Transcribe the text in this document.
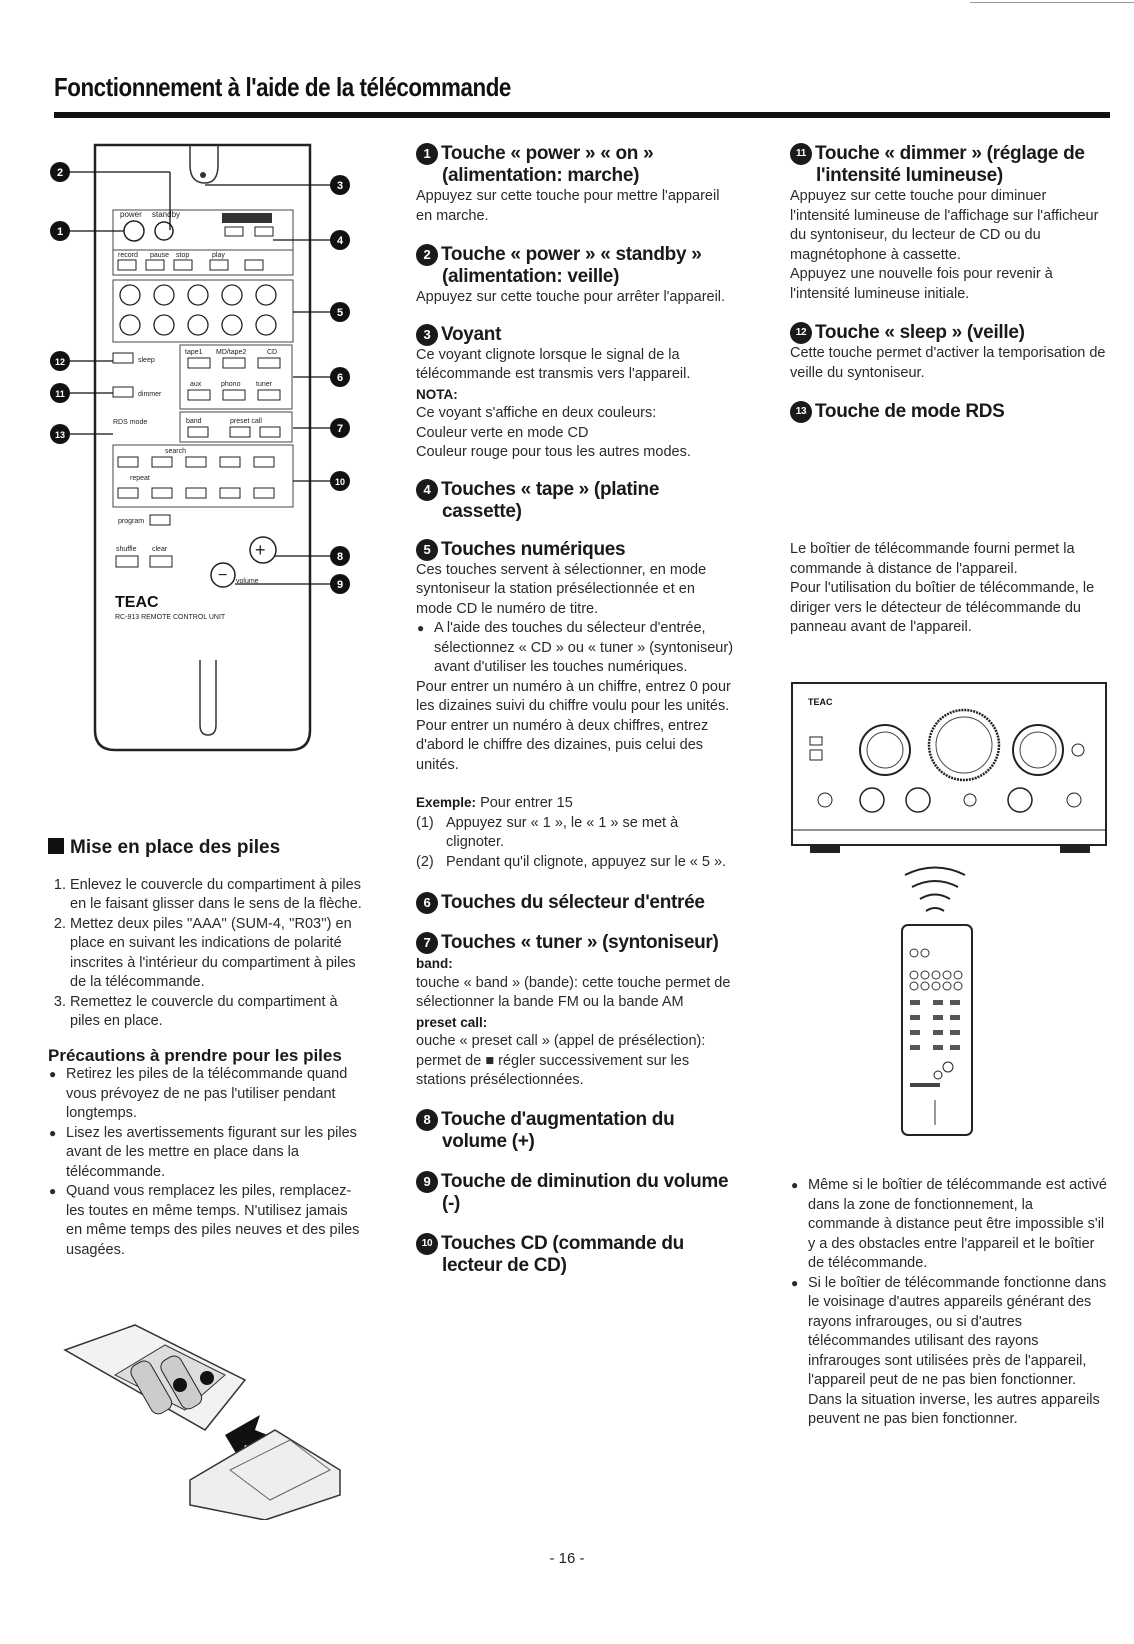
Fonctionnement à l'aide de la télécommande
power standby
record pause stop	play
sleep
dimmer
RDS mode
tape1 MD/tape2	CD
aux	phono tuner
band	preset call
search
repeat
program
shuffle clear	+
− volume
TEAC
RC-913 REMOTE CONTROL UNIT
2
1
3
4
5
12
6
11
7
13
10
8
9

Mise en place des piles

1. Enlevez le couvercle du compartiment à piles en le faisant glisser dans le sens de la flèche.
2. Mettez deux piles ''AAA'' (SUM-4, ''R03'') en place en suivant les indications de polarité inscrites à l'intérieur du compartiment à piles de la télécommande.
3. Remettez le couvercle du compartiment à piles en place.

Précautions à prendre pour les piles

● Retirez les piles de la télécommande quand vous prévoyez de ne pas l'utiliser pendant longtemps.
● Lisez les avertissements figurant sur les piles avant de les mettre en place dans la télécommande.
● Quand vous remplacez les piles, remplacez-les toutes en même temps. N'utilisez jamais en même temps des piles neuves et des piles usagées.
1 Touche « power » « on »
(alimentation: marche)

Appuyez sur cette touche pour mettre l'appareil en marche.

2 Touche « power » « standby »
(alimentation: veille)

Appuyez sur cette touche pour arrêter l'appareil.

3 Voyant

Ce voyant clignote lorsque le signal de la télécommande est transmis vers l'appareil.

NOTA:

Ce voyant s'affiche en deux couleurs:

Couleur verte en mode CD

Couleur rouge pour tous les autres modes.

4 Touches « tape » (platine
cassette)
5 Touches numériques

Ces touches servent à sélectionner, en mode syntoniseur la station présélectionnée et en mode CD le numéro de titre.

● A l'aide des touches du sélecteur d'entrée, sélectionnez « CD » ou « tuner » (syntoniseur) avant d'utiliser les touches numériques.

Pour entrer un numéro à un chiffre, entrez 0 pour les dizaines suivi du chiffre voulu pour les unités. Pour entrer un numéro à deux chiffres, entrez d'abord le chiffre des dizaines, puis celui des unités.

Exemple: Pour entrer 15

(1) Appuyez sur « 1 », le « 1 » se met à clignoter.
(2) Pendant qu'il clignote, appuyez sur le « 5 ».
6 Touches du sélecteur d'entrée
7 Touches « tuner » (syntoniseur)

band:

touche « band » (bande): cette touche permet de sélectionner la bande FM ou la bande AM

preset call:

ouche « preset call » (appel de présélection): permet de ■ régler successivement sur les stations présélectionnées.

8 Touche d'augmentation du
volume (+)
9 Touche de diminution du volume
(-)
10 Touches CD (commande du
lecteur de CD)
11 Touche « dimmer » (réglage de
l'intensité lumineuse)

Appuyez sur cette touche pour diminuer l'intensité lumineuse de l'affichage sur l'afficheur du syntoniseur, du lecteur de CD ou du magnétophone à cassette.

Appuyez une nouvelle fois pour revenir à l'intensité lumineuse initiale.

12 Touche « sleep » (veille)

Cette touche permet d'activer la temporisation de veille du syntoniseur.

13 Touche de mode RDS

Le boîtier de télécommande fourni permet la commande à distance de l'appareil.

Pour l'utilisation du boîtier de télécommande, le diriger vers le détecteur de télécommande du panneau avant de l'appareil.

TEAC
● Même si le boîtier de télécommande est activé dans la zone de fonctionnement, la commande à distance peut être impossible s'il y a des obstacles entre l'appareil et le boîtier de télécommande.
● Si le boîtier de télécommande fonctionne dans le voisinage d'autres appareils générant des rayons infrarouges, ou si d'autres télécommandes utilisant des rayons infrarouges sont utilisées près de l'appareil, l'appareil peut de ne pas bien fonctionner. Dans la situation inverse, les autres appareils peuvent ne pas bien fonctionner.
- 16 -
